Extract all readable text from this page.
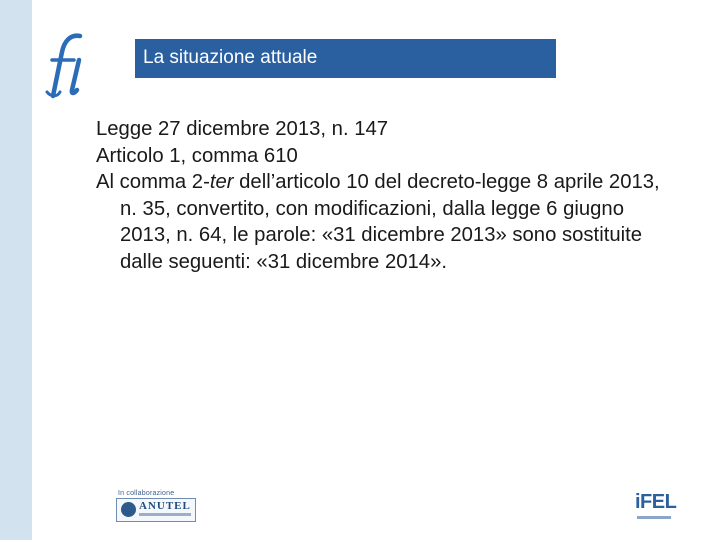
La situazione attuale

Legge 27 dicembre 2013, n. 147

Articolo 1, comma 610

Al comma 2-ter dell’articolo 10 del decreto-legge 8 aprile 2013, n. 35, convertito, con modificazioni, dalla legge 6 giugno 2013, n. 64, le parole: «31 dicembre 2013» sono sostituite dalle seguenti: «31 dicembre 2014».

In collaborazione
ANUTEL	iFEL
